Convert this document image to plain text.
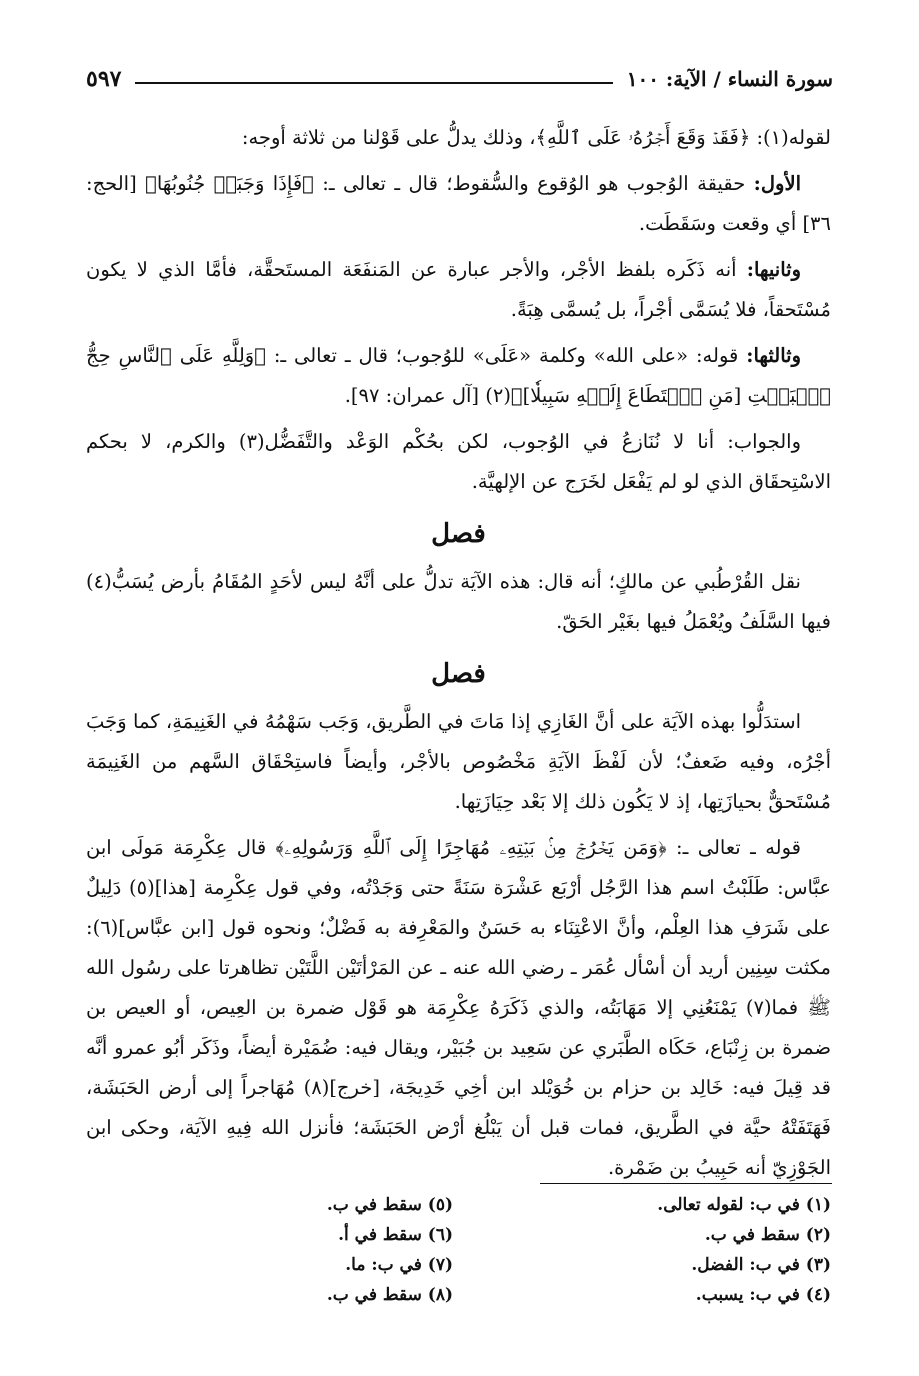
٥٩٧	سورة النساء / الآية: ١٠٠

لقوله(١): ﴿فَقَدۡ وَقَعَ أَجۡرُهُۥ عَلَى ٱللَّهِ﴾، وذلك يدلُّ على قَوْلنا من ثلاثة أوجه:

الأول: حقيقة الوُجوب هو الوُقوع والسُّقوط؛ قال ـ تعالى ـ: ﴿فَإِذَا وَجَبَتۡ جُنُوبُهَا﴾ [الحج: ٣٦] أي وقعت وسَقَطَت.

وثانيها: أنه ذَكَره بلفظ الأجْر، والأجر عبارة عن المَنفَعَة المستَحقَّة، فأمَّا الذي لا يكون مُسْتَحقاً، فلا يُسَمَّى أجْراً، بل يُسمَّى هِبَةً.

وثالثها: قوله: «على الله» وكلمة «عَلَى» للوُجوب؛ قال ـ تعالى ـ: ﴿وَلِلَّهِ عَلَى ٱلنَّاسِ حِجُّ ٱلۡبَيۡتِ [مَنِ ٱسۡتَطَاعَ إِلَيۡهِ سَبِيلٗا]﴾(٢) [آل عمران: ٩٧].

والجواب: أنا لا نُنَازعُ في الوُجوب، لكن بحُكْم الوَعْد والتَّفَضُّل(٣) والكرم، لا بحكم الاسْتِحقَاق الذي لو لم يَفْعَل لخَرَج عن الإلهيَّة.

فصل

نقل القُرْطُبي عن مالكٍ؛ أنه قال: هذه الآيَة تدلُّ على أنَّهُ ليس لأحَدٍ المُقَامُ بأرض يُسَبُّ(٤) فيها السَّلَفُ ويُعْمَلُ فيها بغَيْر الحَقّ.

فصل

استدَلُّوا بهذه الآيَة على أنَّ الغَازِي إذا مَاتَ في الطَّريق، وَجَب سَهْمُهُ في الغَنِيمَةِ، كما وَجَبَ أجْرُه، وفيه ضَعفٌ؛ لأن لَفْظَ الآيَةِ مَخْصُوص بالأجْر، وأيضاً فاستِحْقَاق السَّهم من الغَنِيمَة مُسْتَحقٌّ بحيازَتِها، إذ لا يَكُون ذلك إلا بَعْد حِيَازَتِها.

قوله ـ تعالى ـ: ﴿وَمَن يَخۡرُجۡ مِنۢ بَيۡتِهِۦ مُهَاجِرًا إِلَى ٱللَّهِ وَرَسُولِهِۦ﴾ قال عِكْرِمَة مَولَى ابن عبَّاس: طَلَبْتُ اسم هذا الرَّجُل أرْبَع عَشْرَة سَنَةً حتى وَجَدْتُه، وفي قول عِكْرِمة [هذا](٥) دَلِيلٌ على شَرَفِ هذا العِلْم، وأنَّ الاعْتِنَاء به حَسَنٌ والمَعْرِفة به فَضْلٌ؛ ونحوه قول [ابن عبَّاس](٦): مكثت سِنِين أريد أن أسْأل عُمَر ـ رضي الله عنه ـ عن المَرْأتَيْن اللَّتَيْن تظاهرتا على رسُول الله ﷺ فما(٧) يَمْنَعُنِي إلا مَهَابَتُه، والذي ذَكَرَهُ عِكْرِمَة هو قَوْل ضمرة بن العِيص، أو العيص بن ضمرة بن زِنْبَاع، حَكَاه الطَّبَري عن سَعِيد بن جُبَيْر، ويقال فيه: ضُمَيْرة أيضاً، وذَكَر أبُو عمرو أنَّه قد قِيلَ فيه: خَالِد بن حزام بن خُوَيْلد ابن أخِي خَدِيجَة، [خرج](٨) مُهَاجراً إلى أرض الحَبَشَة، فَهَتَفَتْهُ حيَّة في الطَّريق، فمات قبل أن يَبْلُغ أرْض الحَبَشَة؛ فأنزل الله فِيهِ الآيَة، وحكى ابن الجَوْزِيّ أنه حَبِيبُ بن ضَمْرة.

(١) في ب: لقوله تعالى.
(٢) سقط في ب.
(٣) في ب: الفضل.
(٤) في ب: يسبب.
(٥) سقط في ب.
(٦) سقط في أ.
(٧) في ب: ما.
(٨) سقط في ب.
